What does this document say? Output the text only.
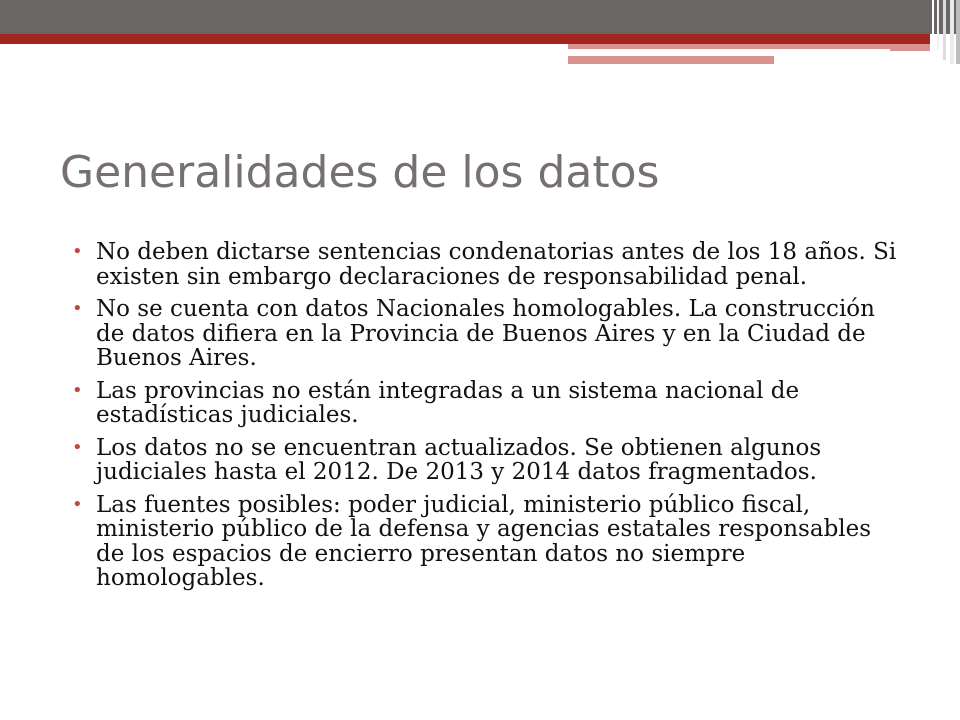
Generalidades de los datos
• No deben dictarse sentencias condenatorias antes de los 18 años. Si existen sin embargo declaraciones de responsabilidad penal.
• No se cuenta con datos Nacionales homologables. La construcción de datos difiera en la Provincia de Buenos Aires y en la Ciudad de Buenos Aires.
• Las provincias no están integradas a un sistema nacional de estadísticas judiciales.
• Los datos no se encuentran actualizados. Se obtienen algunos judiciales hasta el 2012. De 2013 y 2014 datos fragmentados.
• Las fuentes posibles: poder judicial, ministerio público fiscal, ministerio público de la defensa y agencias estatales responsables de los espacios de encierro presentan datos no siempre homologables.
